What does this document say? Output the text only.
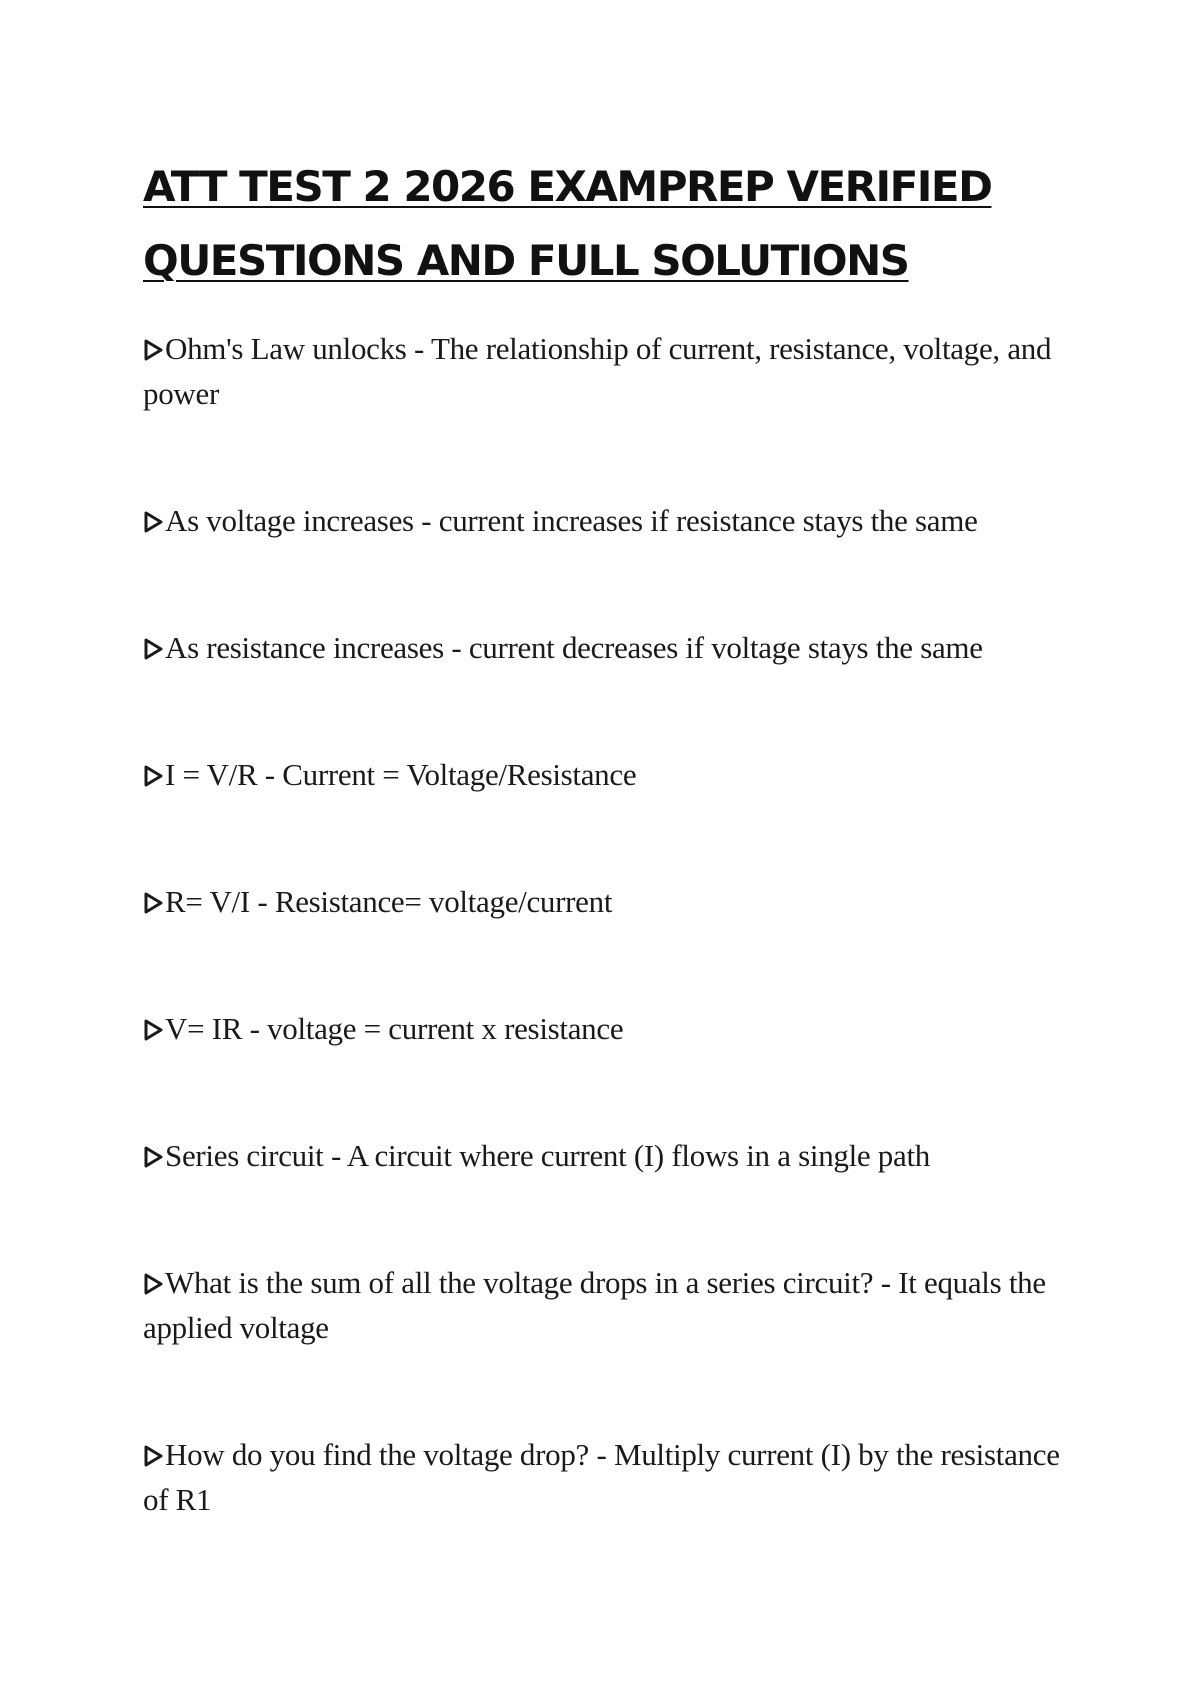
ATT TEST 2 2026 EXAMPREP VERIFIED
QUESTIONS AND FULL SOLUTIONS

Ohm's Law unlocks - The relationship of current, resistance, voltage, and power

As voltage increases - current increases if resistance stays the same

As resistance increases - current decreases if voltage stays the same

I = V/R - Current = Voltage/Resistance

R= V/I - Resistance= voltage/current

V= IR - voltage = current x resistance

Series circuit - A circuit where current (I) flows in a single path

What is the sum of all the voltage drops in a series circuit? - It equals the applied voltage

How do you find the voltage drop? - Multiply current (I) by the resistance of R1
